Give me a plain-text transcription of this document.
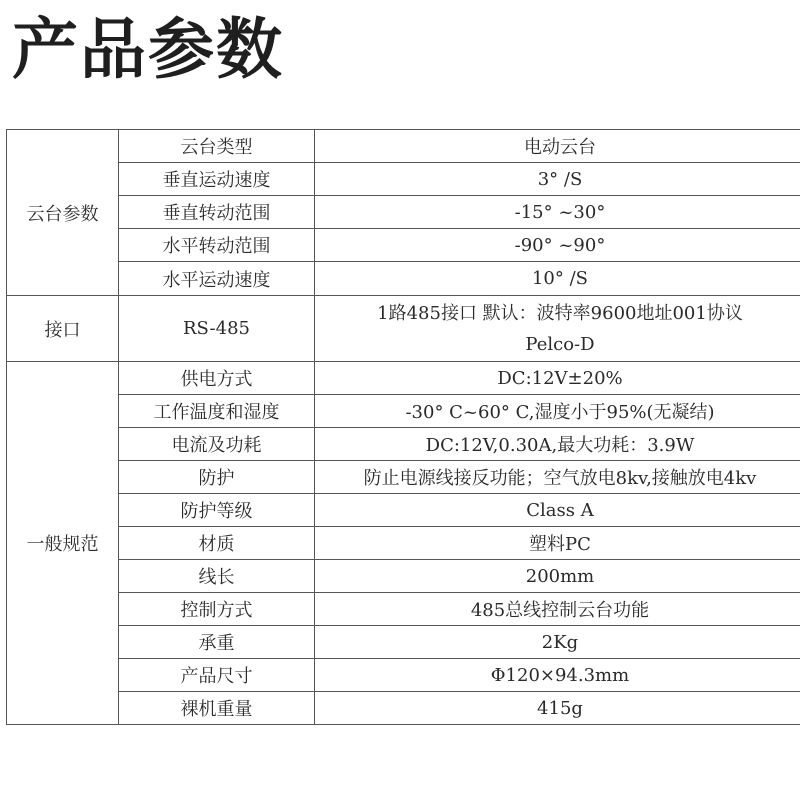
产品参数
云台参数	云台类型	电动云台
	垂直运动速度	3° /S
	垂直转动范围	-15° ~30°
	水平转动范围	-90° ~90°
	水平运动速度	10° /S
接口	RS-485	1路485接口 默认：波特率9600地址001协议
Pelco-D

一般规范	供电方式	DC:12V±20%
	工作温度和湿度	-30° C~60° C,湿度小于95%(无凝结)
	电流及功耗	DC:12V,0.30A,最大功耗：3.9W
	防护	防止电源线接反功能；空气放电8kv,接触放电4kv
	防护等级	Class A
	材质	塑料PC
	线长	200mm
	控制方式	485总线控制云台功能
	承重	2Kg
	产品尺寸	Φ120×94.3mm
	裸机重量	415g
